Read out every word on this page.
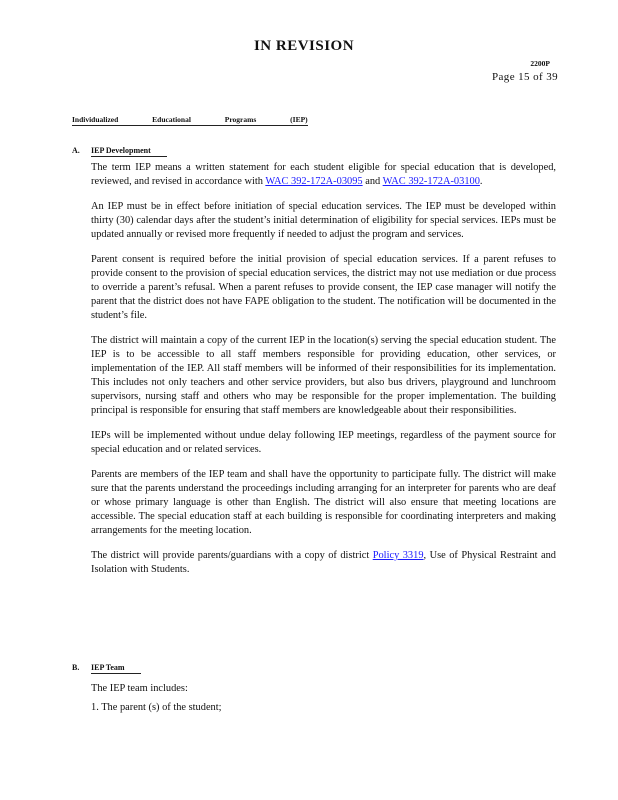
IN REVISION
2200P
Page 15 of 39
Individualized Educational Programs (IEP)
A. IEP Development

The term IEP means a written statement for each student eligible for special education that is developed, reviewed, and revised in accordance with WAC 392-172A-03095 and WAC 392-172A-03100.

An IEP must be in effect before initiation of special education services. The IEP must be developed within thirty (30) calendar days after the student’s initial determination of eligibility for special services. IEPs must be updated annually or revised more frequently if needed to adjust the program and services.

Parent consent is required before the initial provision of special education services. If a parent refuses to provide consent to the provision of special education services, the district may not use mediation or due process to override a parent’s refusal. When a parent refuses to provide consent, the IEP case manager will notify the parent that the district does not have FAPE obligation to the student. The notification will be documented in the student’s file.

The district will maintain a copy of the current IEP in the location(s) serving the special education student. The IEP is to be accessible to all staff members responsible for providing education, other services, or implementation of the IEP. All staff members will be informed of their responsibilities for its implementation. This includes not only teachers and other service providers, but also bus drivers, playground and lunchroom supervisors, nursing staff and others who may be responsible for the proper implementation. The building principal is responsible for ensuring that staff members are knowledgeable about their responsibilities.

IEPs will be implemented without undue delay following IEP meetings, regardless of the payment source for special education and or related services.

Parents are members of the IEP team and shall have the opportunity to participate fully. The district will make sure that the parents understand the proceedings including arranging for an interpreter for parents who are deaf or whose primary language is other than English. The district will also ensure that meeting locations are accessible. The special education staff at each building is responsible for coordinating interpreters and making arrangements for the meeting location.

The district will provide parents/guardians with a copy of district Policy 3319, Use of Physical Restraint and Isolation with Students.

B. IEP Team
The IEP team includes:
1. The parent (s) of the student;
